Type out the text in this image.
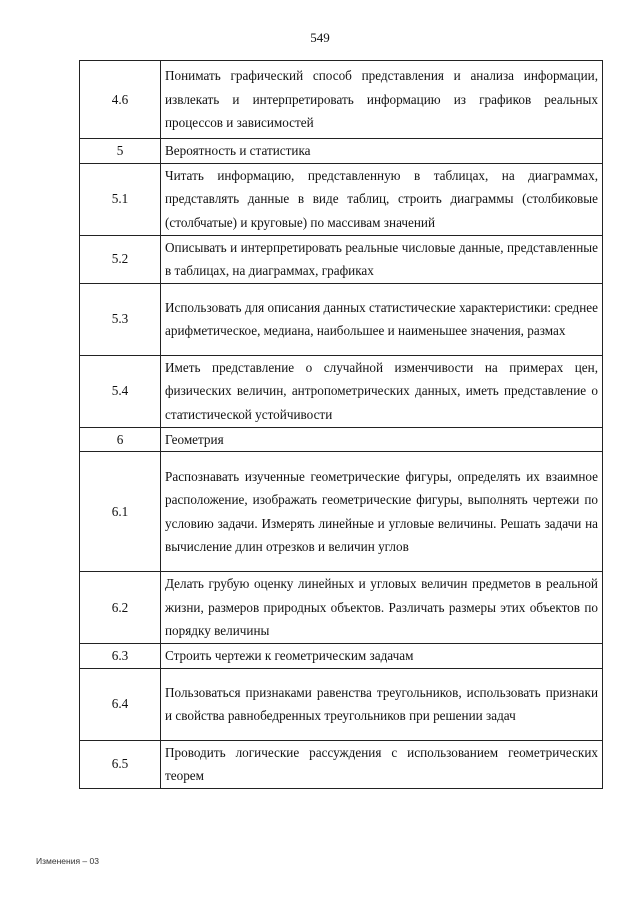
549
4.6	Понимать графический способ представления и анализа информации, извлекать и интерпретировать информацию из графиков реальных процессов и зависимостей
5	Вероятность и статистика
5.1	Читать информацию, представленную в таблицах, на диаграммах, представлять данные в виде таблиц, строить диаграммы (столбиковые (столбчатые) и круговые) по массивам значений
5.2	Описывать и интерпретировать реальные числовые данные, представленные в таблицах, на диаграммах, графиках
5.3	Использовать для описания данных статистические характеристики: среднее арифметическое, медиана, наибольшее и наименьшее значения, размах
5.4	Иметь представление о случайной изменчивости на примерах цен, физических величин, антропометрических данных, иметь представление о статистической устойчивости
6	Геометрия
6.1	Распознавать изученные геометрические фигуры, определять их взаимное расположение, изображать геометрические фигуры, выполнять чертежи по условию задачи. Измерять линейные и угловые величины. Решать задачи на вычисление длин отрезков и величин углов
6.2	Делать грубую оценку линейных и угловых величин предметов в реальной жизни, размеров природных объектов. Различать размеры этих объектов по порядку величины
6.3	Строить чертежи к геометрическим задачам
6.4	Пользоваться признаками равенства треугольников, использовать признаки и свойства равнобедренных треугольников при решении задач
6.5	Проводить логические рассуждения с использованием геометрических теорем
Изменения – 03
